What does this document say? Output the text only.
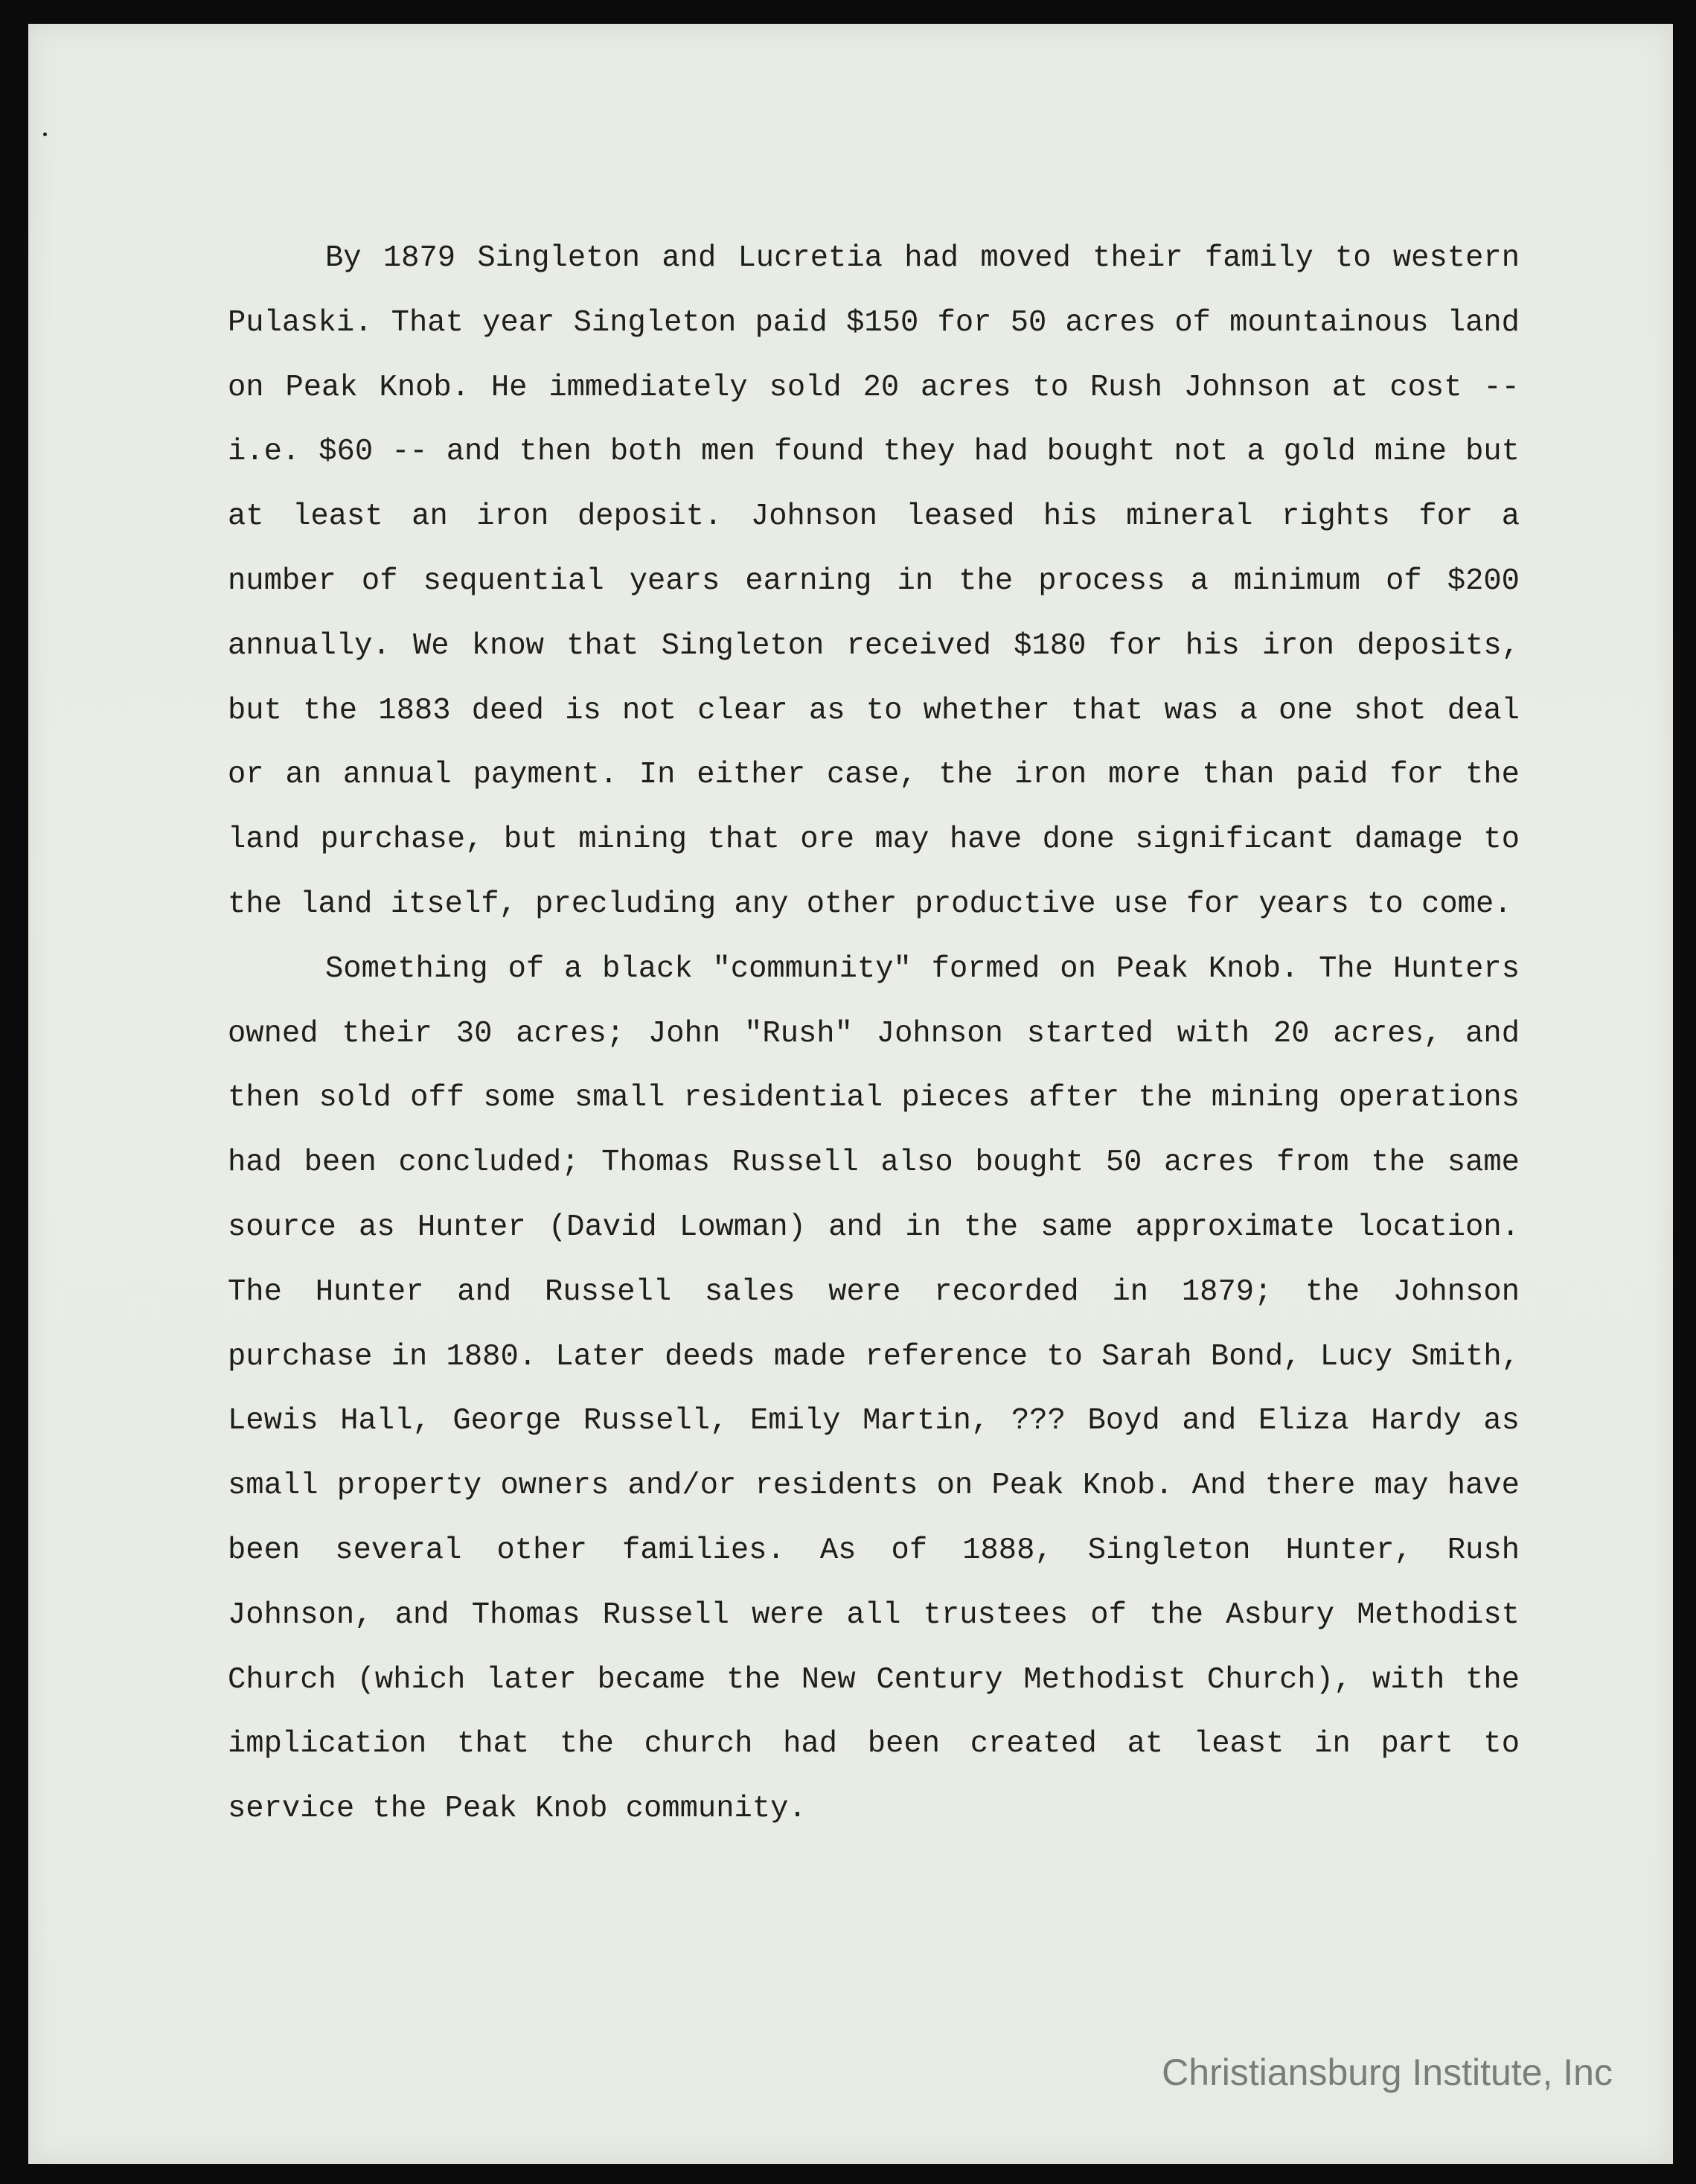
By 1879 Singleton and Lucretia had moved their family to western Pulaski. That year Singleton paid $150 for 50 acres of mountainous land on Peak Knob. He immediately sold 20 acres to Rush Johnson at cost -- i.e. $60 -- and then both men found they had bought not a gold mine but at least an iron deposit. Johnson leased his mineral rights for a number of sequential years earning in the process a minimum of $200 annually. We know that Singleton received $180 for his iron deposits, but the 1883 deed is not clear as to whether that was a one shot deal or an annual payment. In either case, the iron more than paid for the land purchase, but mining that ore may have done significant damage to the land itself, precluding any other productive use for years to come.

Something of a black "community" formed on Peak Knob. The Hunters owned their 30 acres; John "Rush" Johnson started with 20 acres, and then sold off some small residential pieces after the mining operations had been concluded; Thomas Russell also bought 50 acres from the same source as Hunter (David Lowman) and in the same approximate location. The Hunter and Russell sales were recorded in 1879; the Johnson purchase in 1880. Later deeds made reference to Sarah Bond, Lucy Smith, Lewis Hall, George Russell, Emily Martin, ??? Boyd and Eliza Hardy as small property owners and/or residents on Peak Knob. And there may have been several other families. As of 1888, Singleton Hunter, Rush Johnson, and Thomas Russell were all trustees of the Asbury Methodist Church (which later became the New Century Methodist Church), with the implication that the church had been created at least in part to service the Peak Knob community.

Christiansburg Institute, Inc
